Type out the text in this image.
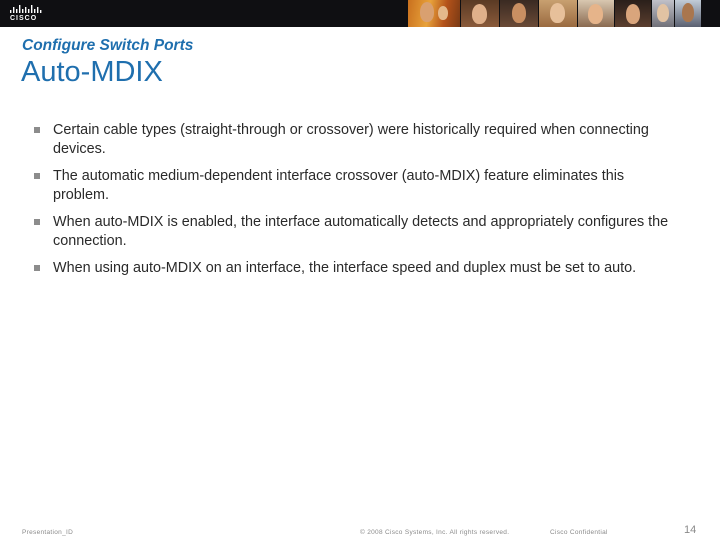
CISCO
Configure Switch Ports
Auto-MDIX
Certain cable types (straight-through or crossover) were historically required when connecting devices.
The automatic medium-dependent interface crossover (auto-MDIX) feature eliminates this problem.
When auto-MDIX is enabled, the interface automatically detects and appropriately configures the connection.
When using auto-MDIX on an interface, the interface speed and duplex must be set to auto.
Presentation_ID	© 2008 Cisco Systems, Inc. All rights reserved.	Cisco Confidential	14
